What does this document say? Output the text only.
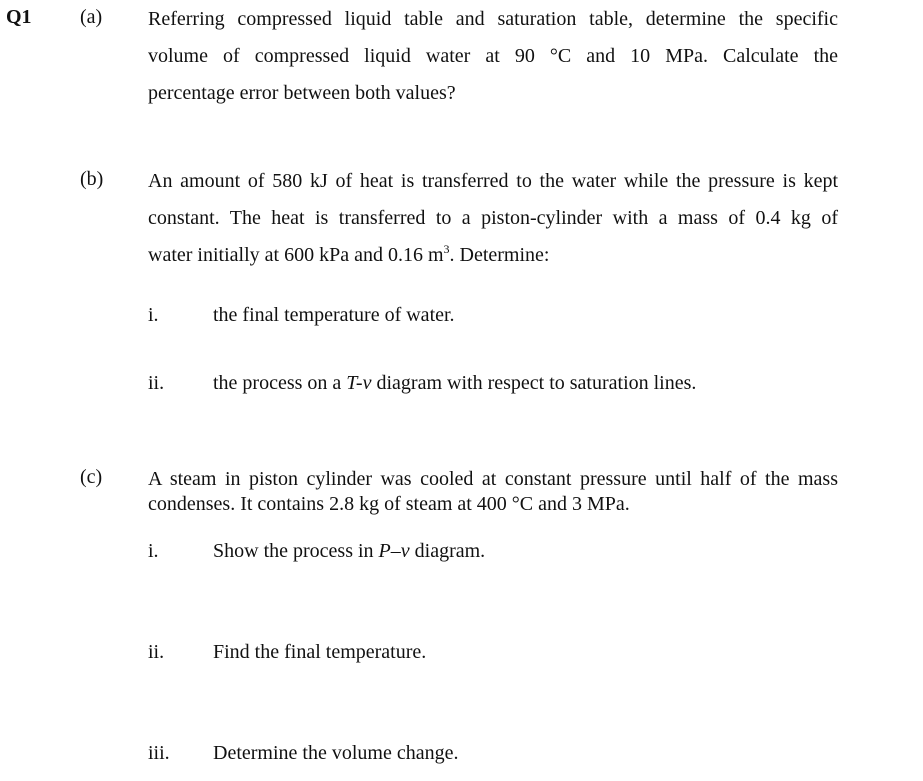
Q1 (a) Referring compressed liquid table and saturation table, determine the specific
volume of compressed liquid water at 90 °C and 10 MPa. Calculate the
percentage error between both values?
(b) An amount of 580 kJ of heat is transferred to the water while the pressure is kept
constant. The heat is transferred to a piston-cylinder with a mass of 0.4 kg of
water initially at 600 kPa and 0.16 $m^3$. Determine:
i.	the final temperature of water.
ii. the process on a T-v diagram with respect to saturation lines.
(c) A steam in piston cylinder was cooled at constant pressure until half of the mass
condenses. It contains 2.8 kg of steam at 400 °C and 3 MPa.
i.	Show the process in P–v diagram.
ii. Find the final temperature.
iii. Determine the volume change.
